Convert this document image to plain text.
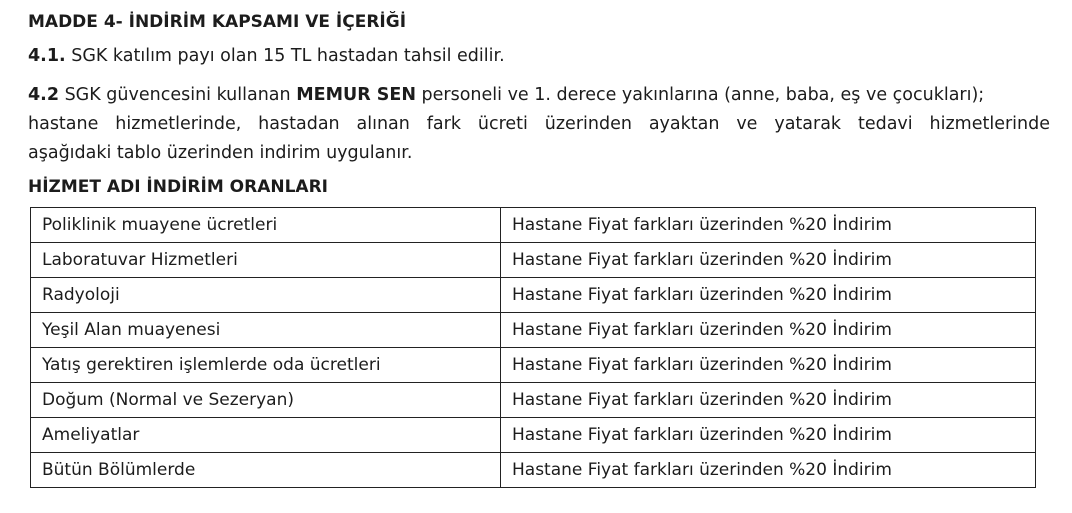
MADDE 4- İNDİRİM KAPSAMI VE İÇERİĞİ
4.1. SGK katılım payı olan 15 TL hastadan tahsil edilir.
4.2 SGK güvencesini kullanan MEMUR SEN personeli ve 1. derece yakınlarına (anne, baba, eş ve çocukları);
hastane hizmetlerinde, hastadan alınan fark ücreti üzerinden ayaktan ve yatarak tedavi hizmetlerinde
aşağıdaki tablo üzerinden indirim uygulanır.
HİZMET ADI İNDİRİM ORANLARI
Poliklinik muayene ücretleri	Hastane Fiyat farkları üzerinden %20 İndirim
Laboratuvar Hizmetleri	Hastane Fiyat farkları üzerinden %20 İndirim
Radyoloji	Hastane Fiyat farkları üzerinden %20 İndirim
Yeşil Alan muayenesi	Hastane Fiyat farkları üzerinden %20 İndirim
Yatış gerektiren işlemlerde oda ücretleri	Hastane Fiyat farkları üzerinden %20 İndirim
Doğum (Normal ve Sezeryan)	Hastane Fiyat farkları üzerinden %20 İndirim
Ameliyatlar	Hastane Fiyat farkları üzerinden %20 İndirim
Bütün Bölümlerde	Hastane Fiyat farkları üzerinden %20 İndirim
